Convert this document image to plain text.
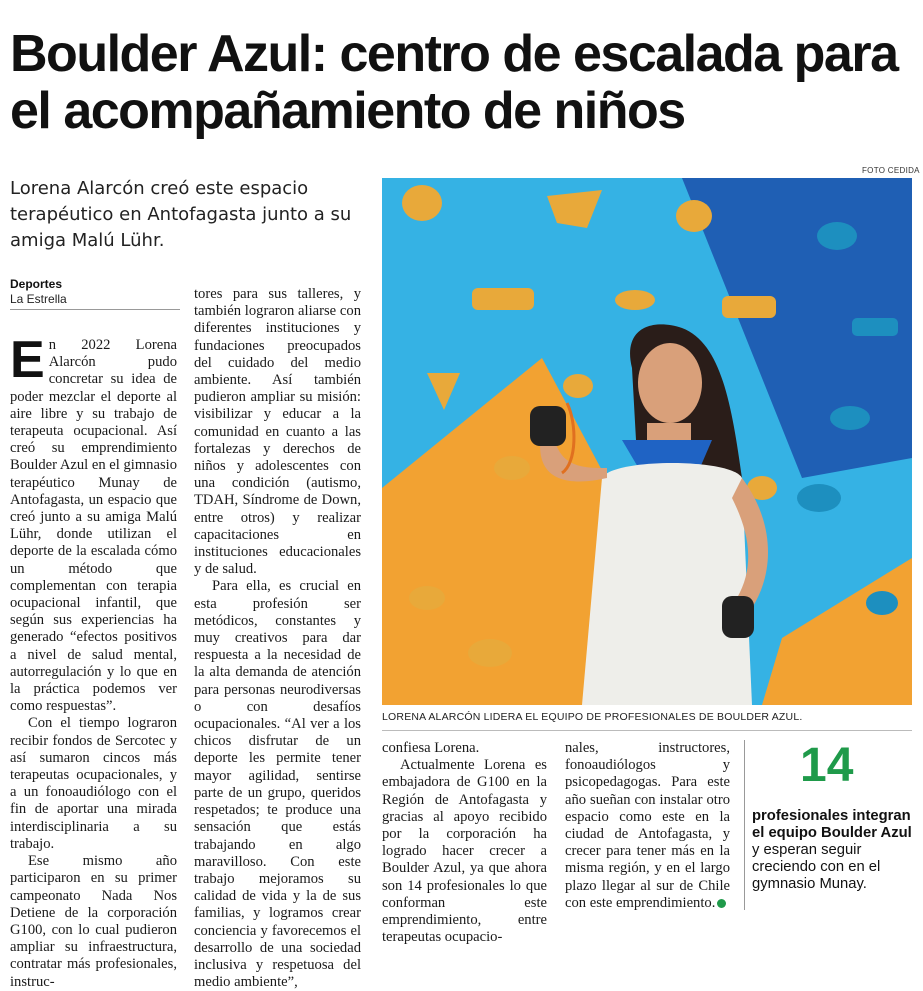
Boulder Azul: centro de escalada para el acompañamiento de niños
FOTO CEDIDA

Lorena Alarcón creó este espacio terapéutico en Antofagasta junto a su amiga Malú Lühr.

Deportes
La Estrella

En 2022 Lorena Alarcón pudo concretar su idea de poder mezclar el deporte al aire libre y su trabajo de terapeuta ocupacional. Así creó su emprendimiento Boulder Azul en el gimnasio terapéutico Munay de Antofagasta, un espacio que creó junto a su amiga Malú Lühr, donde utilizan el deporte de la escalada cómo un método que complementan con terapia ocupacional infantil, que según sus experiencias ha generado “efectos positivos a nivel de salud mental, autorregulación y lo que en la práctica podemos ver como respuestas”.

Con el tiempo lograron recibir fondos de Sercotec y así sumaron cincos más terapeutas ocupacionales, y a un fonoaudiólogo con el fin de aportar una mirada interdisciplinaria a su trabajo.

Ese mismo año participaron en su primer campeonato Nada Nos Detiene de la corporación G100, con lo cual pudieron ampliar su infraestructura, contratar más profesionales, instruc-

tores para sus talleres, y también lograron aliarse con diferentes instituciones y fundaciones preocupados del cuidado del medio ambiente. Así también pudieron ampliar su misión: visibilizar y educar a la comunidad en cuanto a las fortalezas y derechos de niños y adolescentes con una condición (autismo, TDAH, Síndrome de Down, entre otros) y realizar capacitaciones en instituciones educacionales y de salud.

Para ella, es crucial en esta profesión ser metódicos, constantes y muy creativos para dar respuesta a la necesidad de la alta demanda de atención para personas neurodiversas o con desafíos ocupacionales. “Al ver a los chicos disfrutar de un deporte les permite tener mayor agilidad, sentirse parte de un grupo, queridos respetados; te produce una sensación que estás trabajando en algo maravilloso. Con este trabajo mejoramos su calidad de vida y la de sus familias, y logramos crear conciencia y favorecemos el desarrollo de una sociedad inclusiva y respetuosa del medio ambiente”,

LORENA ALARCÓN LIDERA EL EQUIPO DE PROFESIONALES DE BOULDER AZUL.

confiesa Lorena.

Actualmente Lorena es embajadora de G100 en la Región de Antofagasta y gracias al apoyo recibido por la corporación ha logrado hacer crecer a Boulder Azul, ya que ahora son 14 profesionales lo que conforman este emprendimiento, entre terapeutas ocupacio-

nales, instructores, fonoaudiólogos y psicopedagogas. Para este año sueñan con instalar otro espacio como este en la ciudad de Antofagasta, y crecer para tener más en la misma región, y en el largo plazo llegar al sur de Chile con este emprendimiento.

14
profesionales integran el equipo Boulder Azul
y esperan seguir creciendo con en el gymnasio Munay.
